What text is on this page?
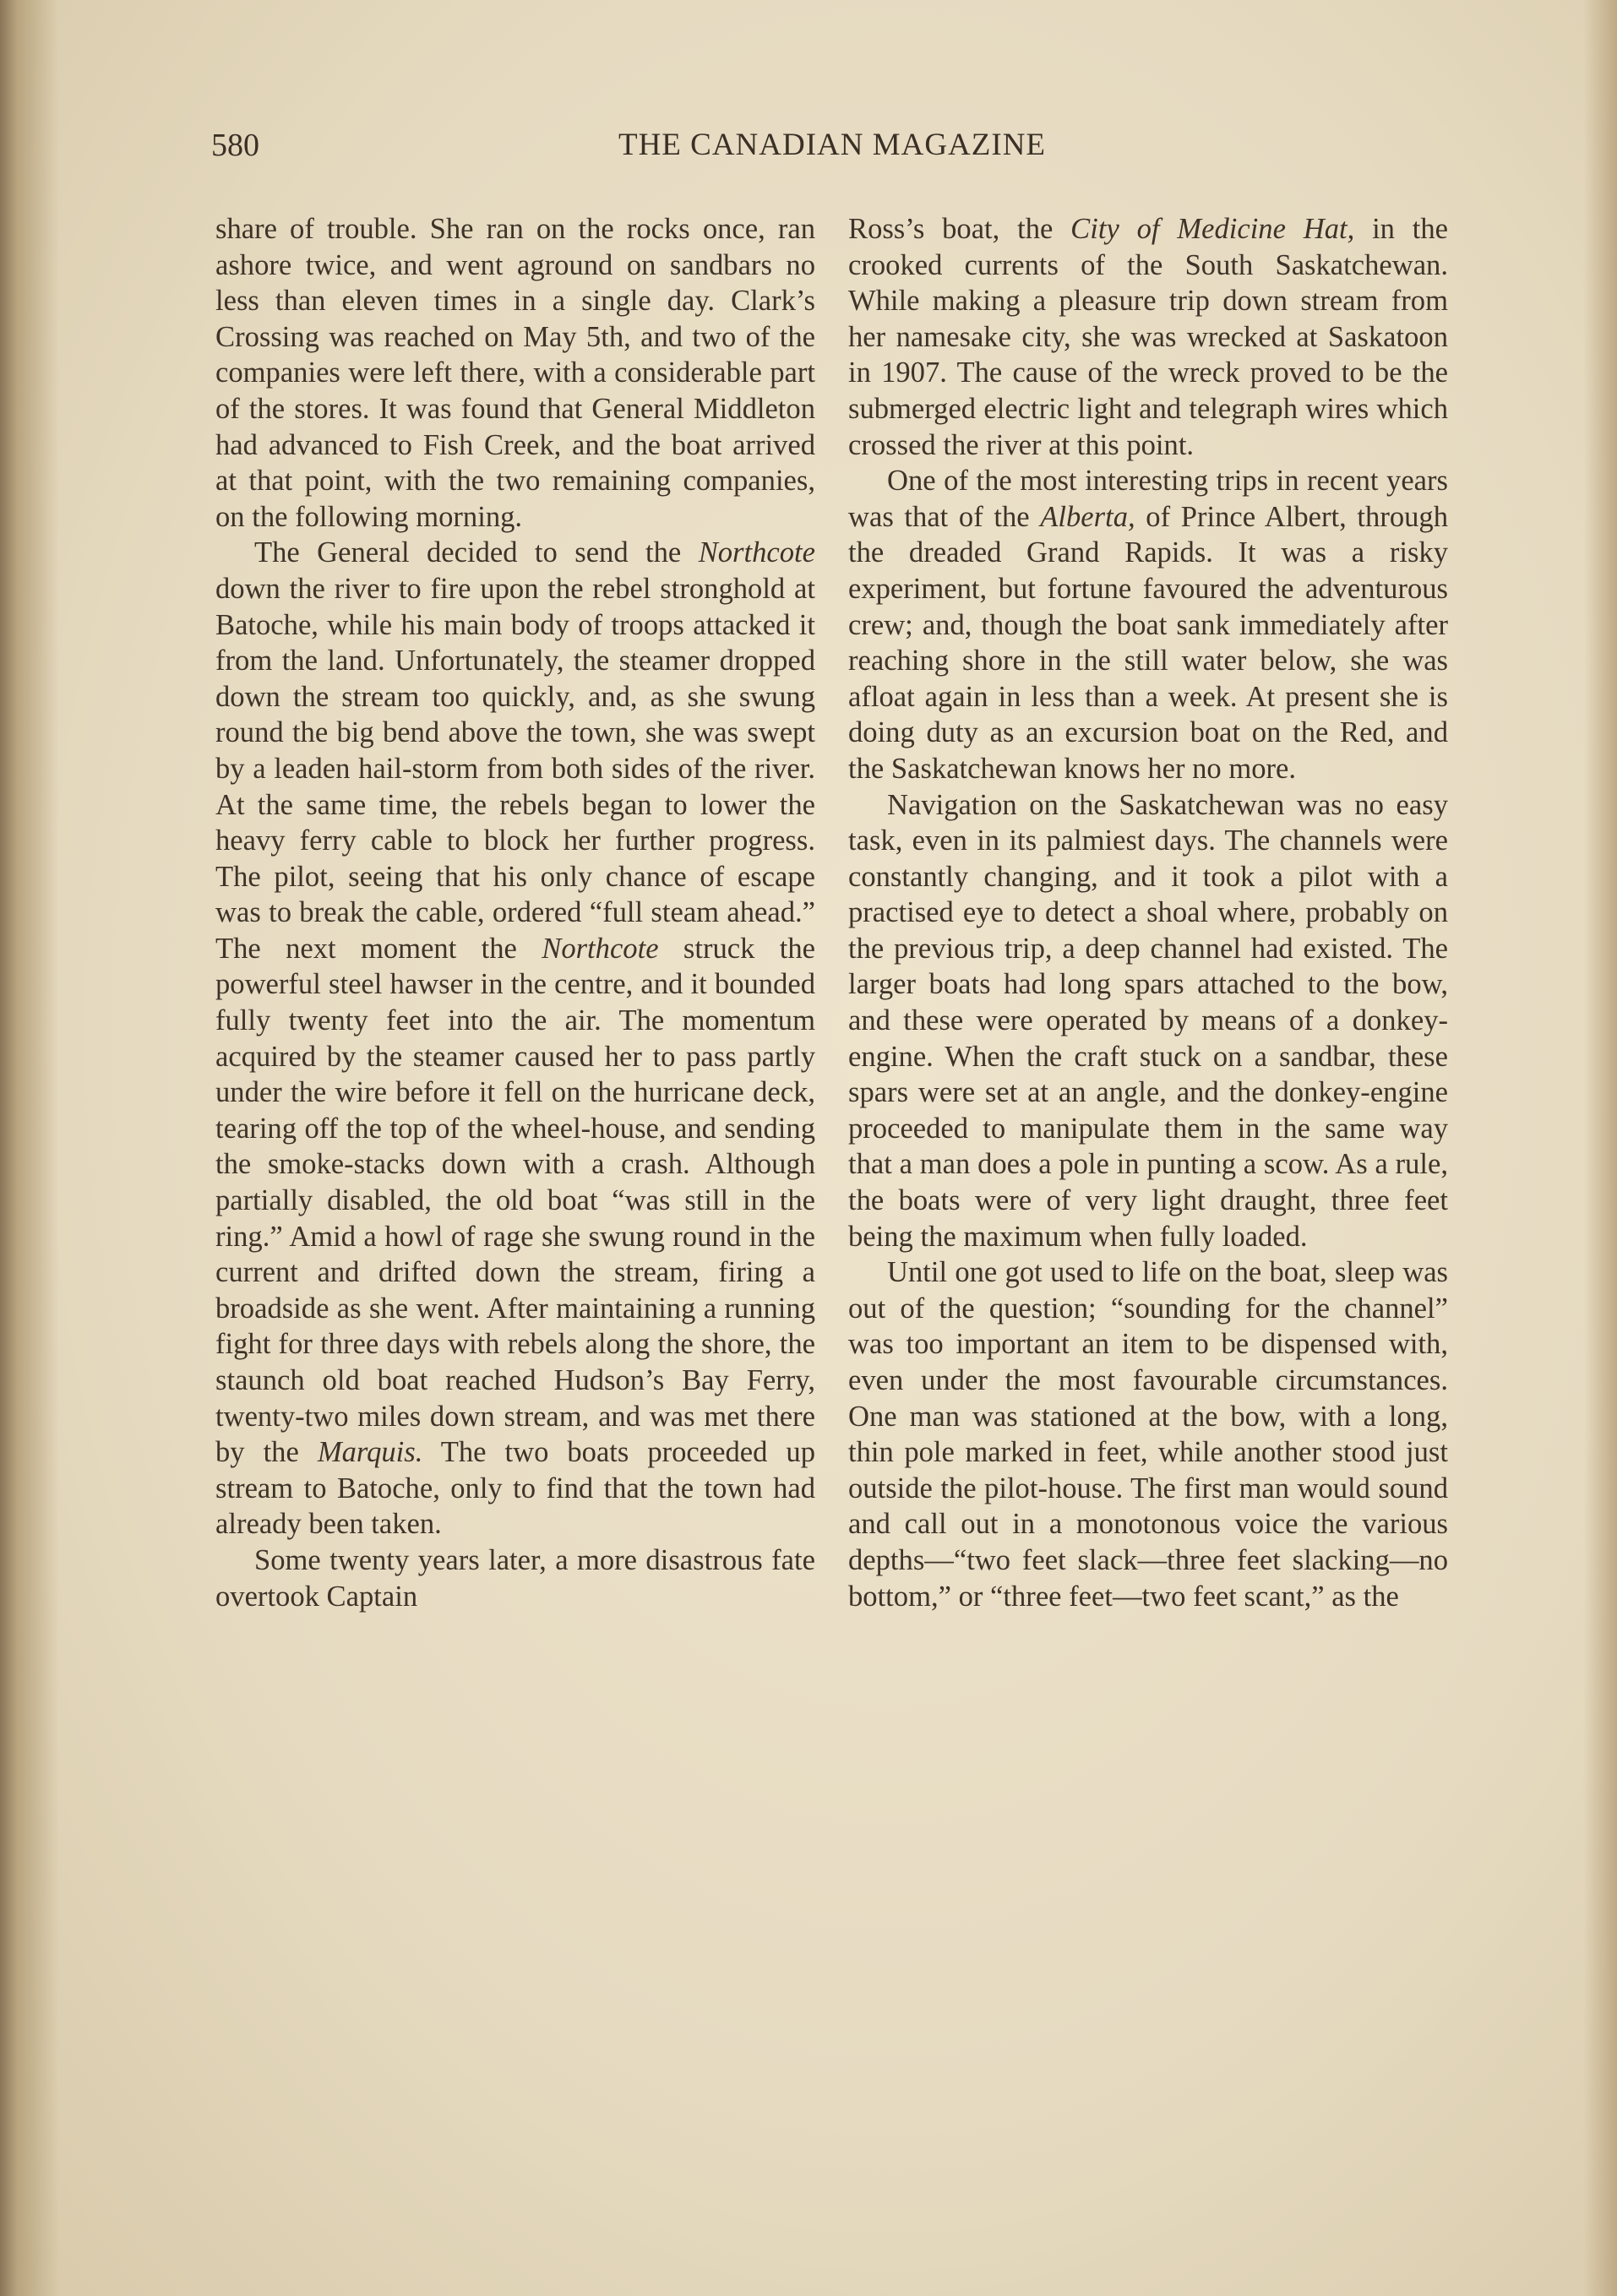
580	THE CANADIAN MAGAZINE

share of trouble. She ran on the rocks once, ran ashore twice, and went aground on sandbars no less than eleven times in a single day. Clark’s Crossing was reached on May 5th, and two of the companies were left there, with a considerable part of the stores. It was found that General Middleton had advanced to Fish Creek, and the boat arrived at that point, with the two remaining companies, on the following morning.

The General decided to send the Northcote down the river to fire upon the rebel stronghold at Batoche, while his main body of troops attacked it from the land. Unfortunately, the steamer dropped down the stream too quickly, and, as she swung round the big bend above the town, she was swept by a leaden hail-storm from both sides of the river. At the same time, the rebels began to lower the heavy ferry cable to block her further progress. The pilot, seeing that his only chance of escape was to break the cable, ordered “full steam ahead.” The next moment the Northcote struck the powerful steel hawser in the centre, and it bounded fully twenty feet into the air. The momentum acquired by the steamer caused her to pass partly under the wire before it fell on the hurricane deck, tearing off the top of the wheel-house, and sending the smoke-stacks down with a crash. Although partially disabled, the old boat “was still in the ring.” Amid a howl of rage she swung round in the current and drifted down the stream, firing a broadside as she went. After maintaining a running fight for three days with rebels along the shore, the staunch old boat reached Hudson’s Bay Ferry, twenty-two miles down stream, and was met there by the Marquis. The two boats proceeded up stream to Batoche, only to find that the town had already been taken.

Some twenty years later, a more disastrous fate overtook Captain

Ross’s boat, the City of Medicine Hat, in the crooked currents of the South Saskatchewan. While making a pleasure trip down stream from her namesake city, she was wrecked at Saskatoon in 1907. The cause of the wreck proved to be the submerged electric light and telegraph wires which crossed the river at this point.

One of the most interesting trips in recent years was that of the Alberta, of Prince Albert, through the dreaded Grand Rapids. It was a risky experiment, but fortune favoured the adventurous crew; and, though the boat sank immediately after reaching shore in the still water below, she was afloat again in less than a week. At present she is doing duty as an excursion boat on the Red, and the Saskatchewan knows her no more.

Navigation on the Saskatchewan was no easy task, even in its palmiest days. The channels were constantly changing, and it took a pilot with a practised eye to detect a shoal where, probably on the previous trip, a deep channel had existed. The larger boats had long spars attached to the bow, and these were operated by means of a donkey-engine. When the craft stuck on a sandbar, these spars were set at an angle, and the donkey-engine proceeded to manipulate them in the same way that a man does a pole in punting a scow. As a rule, the boats were of very light draught, three feet being the maximum when fully loaded.

Until one got used to life on the boat, sleep was out of the question; “sounding for the channel” was too important an item to be dispensed with, even under the most favourable circumstances. One man was stationed at the bow, with a long, thin pole marked in feet, while another stood just outside the pilot-house. The first man would sound and call out in a monotonous voice the various depths—“two feet slack—three feet slacking—no bottom,” or “three feet—two feet scant,” as the
